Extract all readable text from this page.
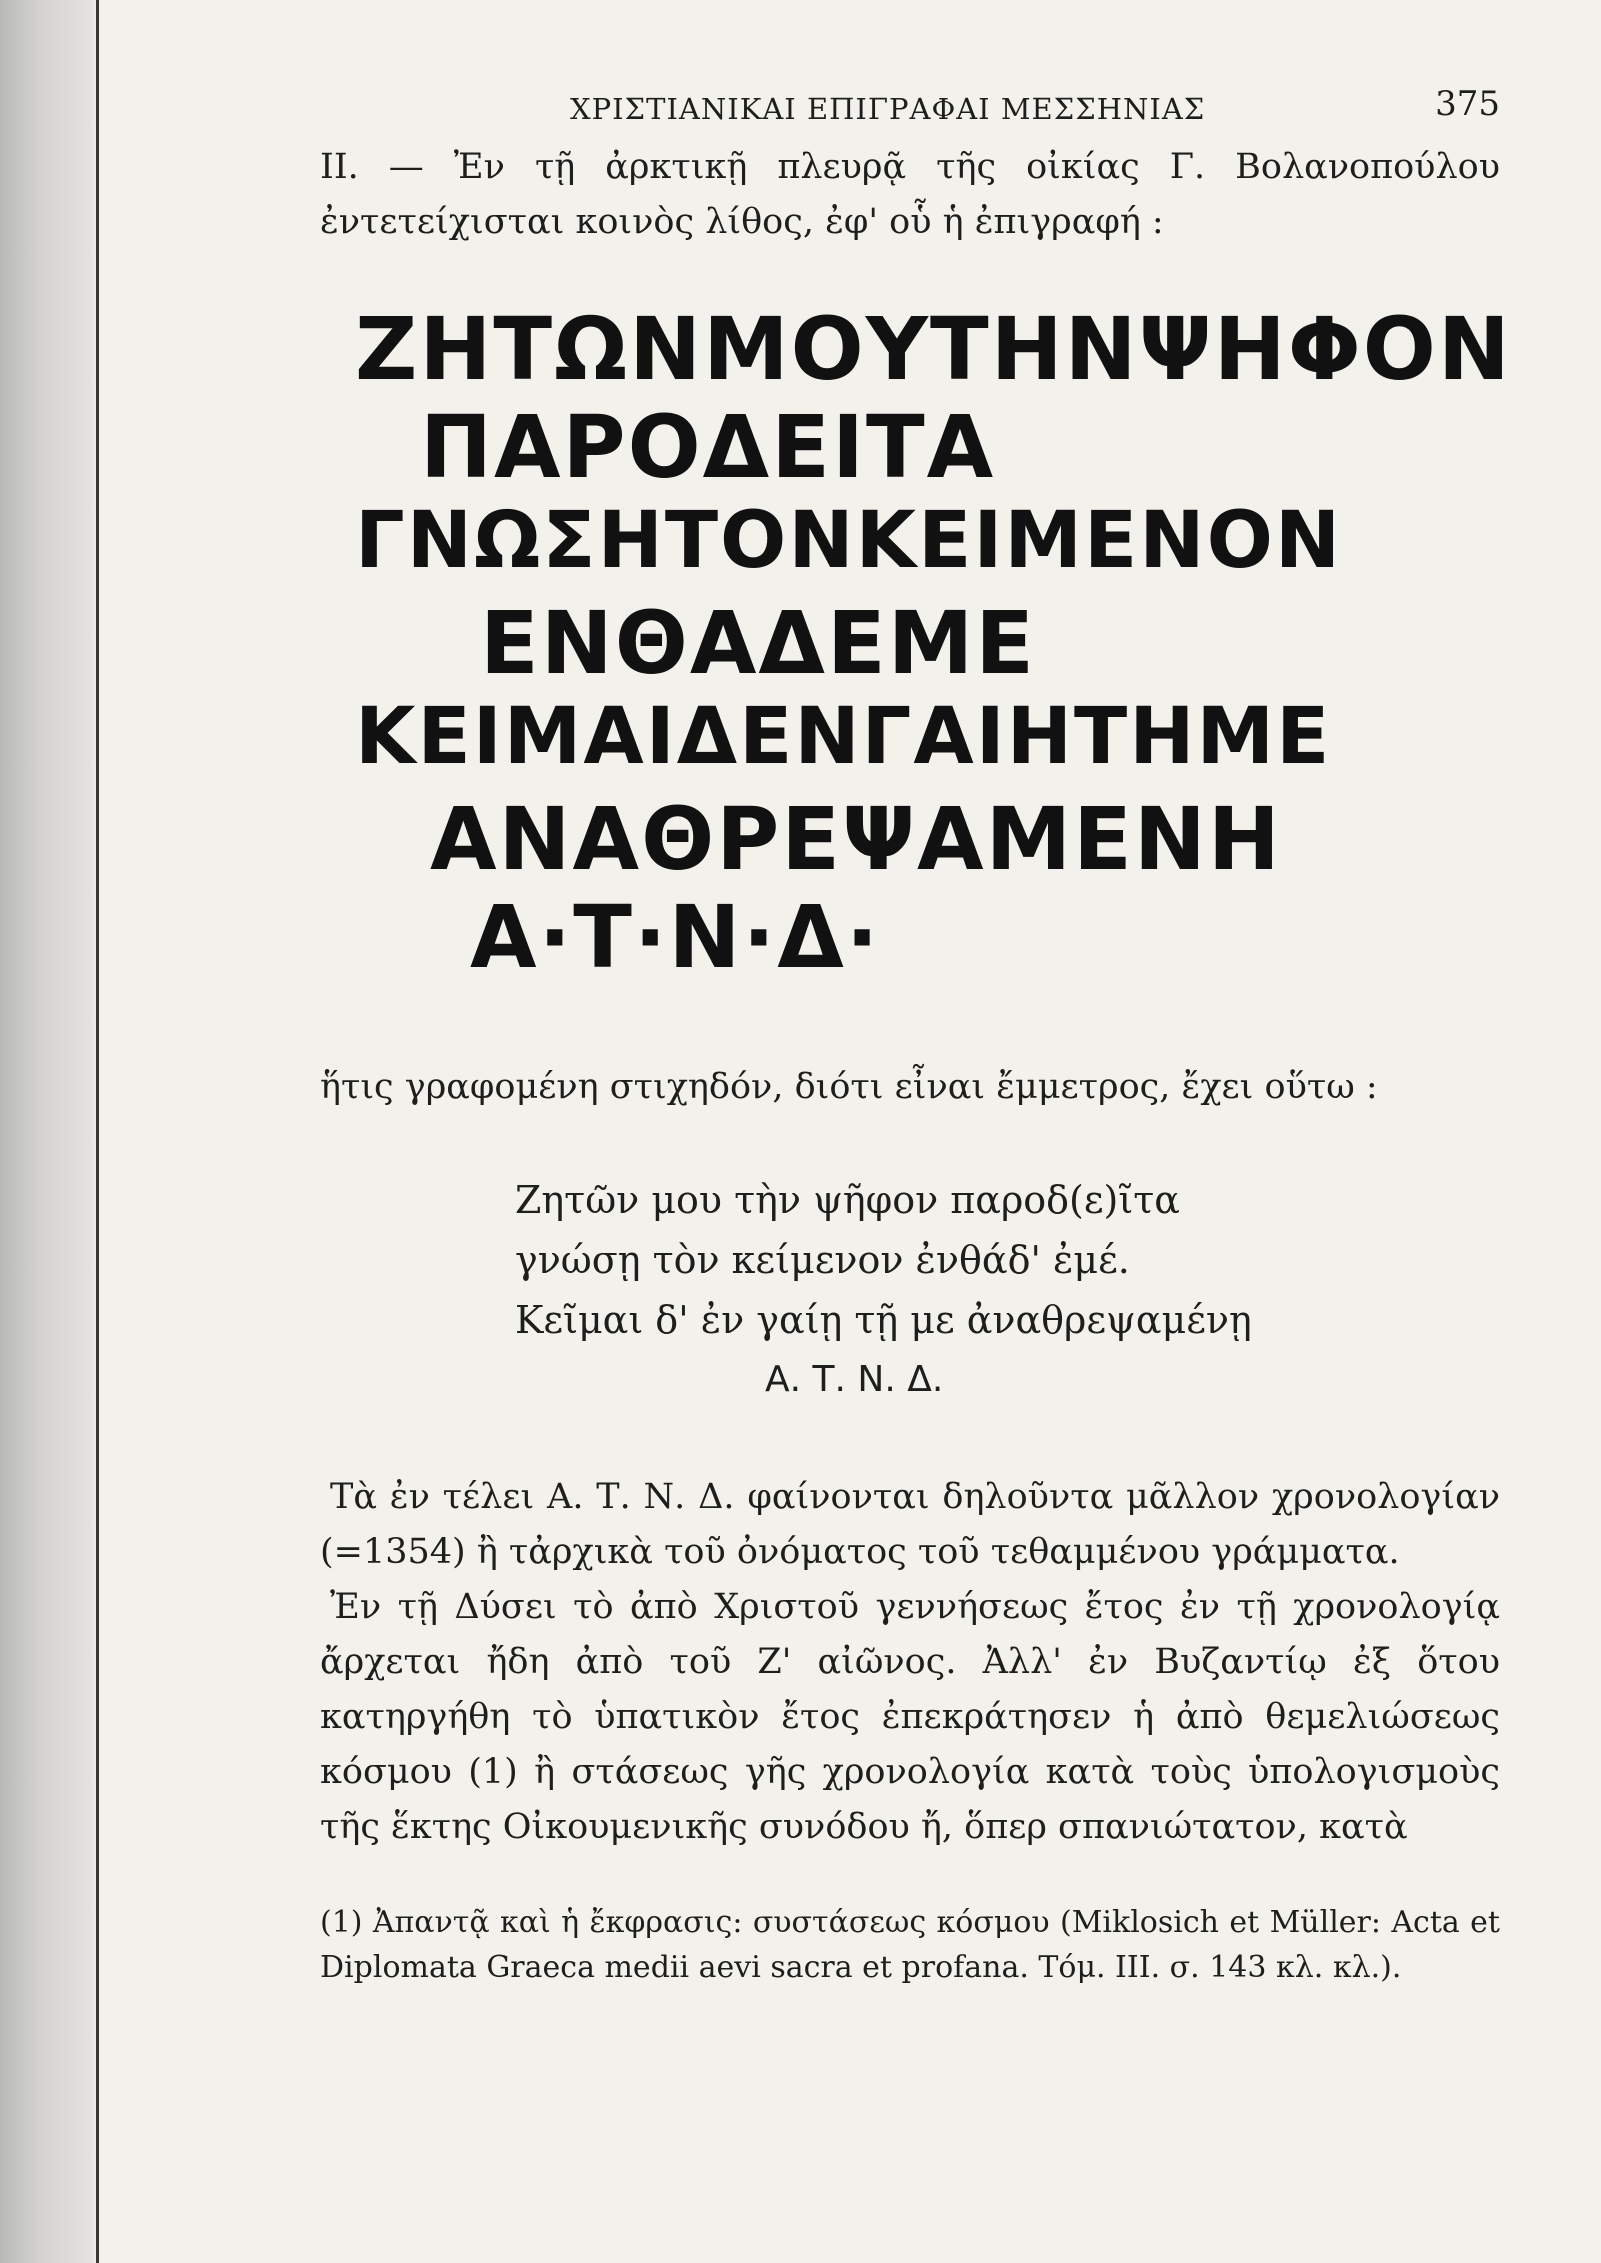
ΧΡΙΣΤΙΑΝΙΚΑΙ ΕΠΙΓΡΑΦΑΙ ΜΕΣΣΗΝΙΑΣ	375

II. — Ἐν τῇ ἀρκτικῇ πλευρᾷ τῆς οἰκίας Γ. Βολανοπούλου ἐντετείχισται κοινὸς λίθος, ἐφ' οὗ ἡ ἐπιγραφή :

ΖΗΤΩΝΜΟΥΤΗΝΨΗΦΟΝ
ΠΑΡΟΔΕΙΤΑ
ΓΝΩΣΗΤΟΝΚΕΙΜΕΝΟΝ
ΕΝΘΑΔΕΜΕ
ΚΕΙΜΑΙΔΕΝΓΑΙΗΤΗΜΕ
ΑΝΑΘΡΕΨΑΜΕΝΗ
Α·Τ·Ν·Δ·

ἥτις γραφομένη στιχηδόν, διότι εἶναι ἔμμετρος, ἔχει οὕτω :

Ζητῶν μου τὴν ψῆφον παροδ(ε)ῖτα
γνώσῃ τὸν κείμενον ἐνθάδ' ἐμέ.
Κεῖμαι δ' ἐν γαίῃ τῇ με ἀναθρεψαμένῃ
Α. Τ. Ν. Δ.

Τὰ ἐν τέλει Α. Τ. Ν. Δ. φαίνονται δηλοῦντα μᾶλλον χρονολογίαν (=1354) ἢ τἀρχικὰ τοῦ ὀνόματος τοῦ τεθαμμένου γράμματα.

Ἐν τῇ Δύσει τὸ ἀπὸ Χριστοῦ γεννήσεως ἔτος ἐν τῇ χρονολογίᾳ ἄρχεται ἤδη ἀπὸ τοῦ Ζ' αἰῶνος. Ἀλλ' ἐν Βυζαντίῳ ἐξ ὅτου κατηργήθη τὸ ὑπατικὸν ἔτος ἐπεκράτησεν ἡ ἀπὸ θεμελιώσεως κόσμου (1) ἢ στάσεως γῆς χρονολογία κατὰ τοὺς ὑπολογισμοὺς τῆς ἕκτης Οἰκουμενικῆς συνόδου ἤ, ὅπερ σπανιώτατον, κατὰ

(1) Ἀπαντᾷ καὶ ἡ ἔκφρασις: συστάσεως κόσμου (Miklosich et Müller: Acta et Diplomata Graeca medii aevi sacra et profana. Τόμ. III. σ. 143 κλ. κλ.).
